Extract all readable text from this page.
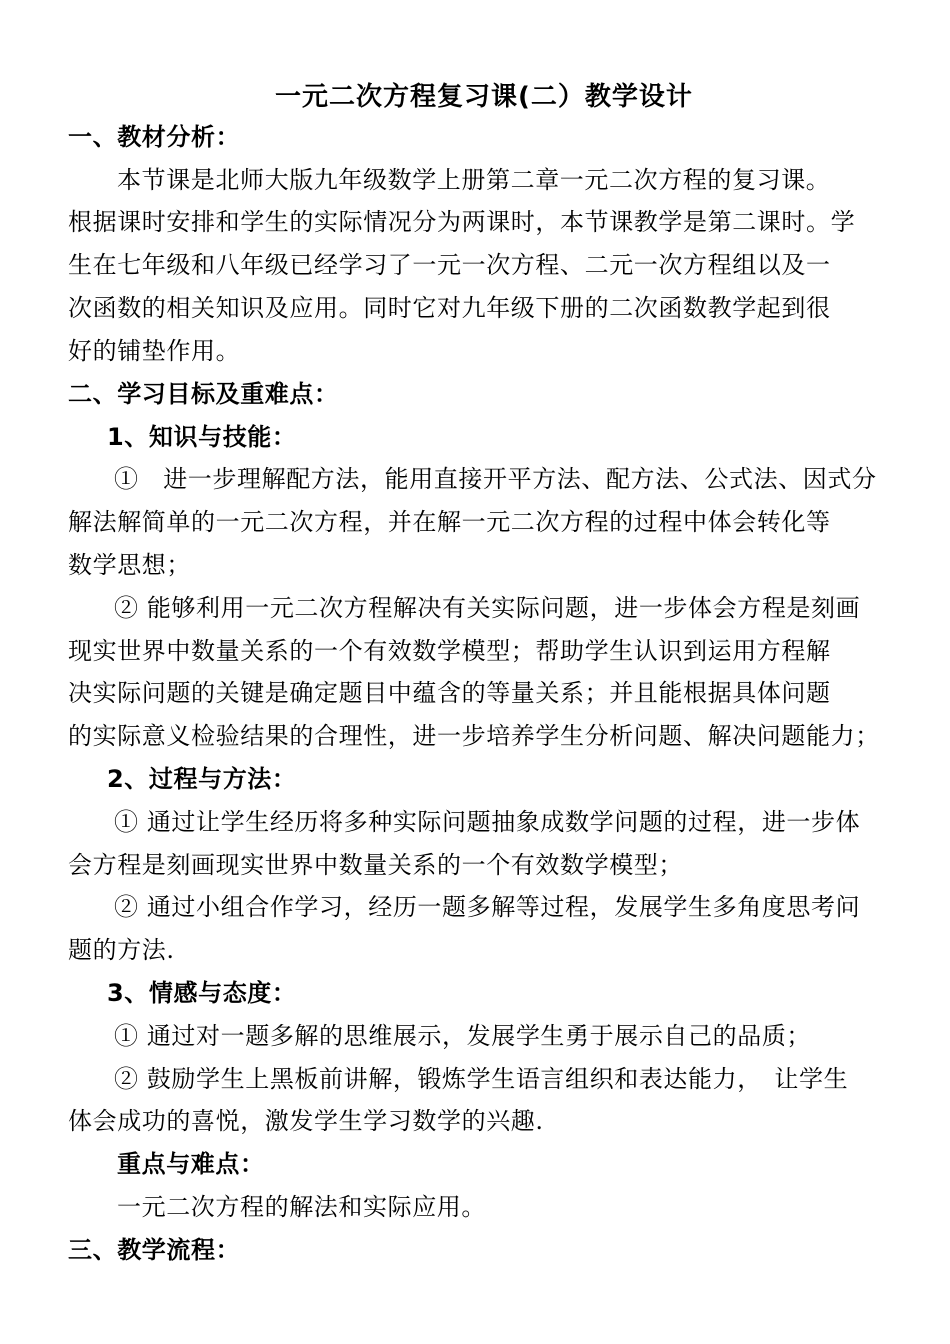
一元二次方程复习课(二）教学设计
一、教材分析：
本节课是北师大版九年级数学上册第二章一元二次方程的复习课。
根据课时安排和学生的实际情况分为两课时，本节课教学是第二课时。学
生在七年级和八年级已经学习了一元一次方程、二元一次方程组以及一
次函数的相关知识及应用。同时它对九年级下册的二次函数教学起到很
好的铺垫作用。
二、学习目标及重难点：
1、知识与技能：
①　进一步理解配方法，能用直接开平方法、配方法、公式法、因式分
解法解简单的一元二次方程，并在解一元二次方程的过程中体会转化等
数学思想；
② 能够利用一元二次方程解决有关实际问题，进一步体会方程是刻画
现实世界中数量关系的一个有效数学模型；帮助学生认识到运用方程解
决实际问题的关键是确定题目中蕴含的等量关系；并且能根据具体问题
的实际意义检验结果的合理性，进一步培养学生分析问题、解决问题能力；
2、过程与方法：
① 通过让学生经历将多种实际问题抽象成数学问题的过程，进一步体
会方程是刻画现实世界中数量关系的一个有效数学模型；
② 通过小组合作学习，经历一题多解等过程，发展学生多角度思考问
题的方法.
3、情感与态度：
① 通过对一题多解的思维展示，发展学生勇于展示自己的品质；
② 鼓励学生上黑板前讲解，锻炼学生语言组织和表达能力，　让学生
体会成功的喜悦，激发学生学习数学的兴趣.
重点与难点：
一元二次方程的解法和实际应用。
三、教学流程：
